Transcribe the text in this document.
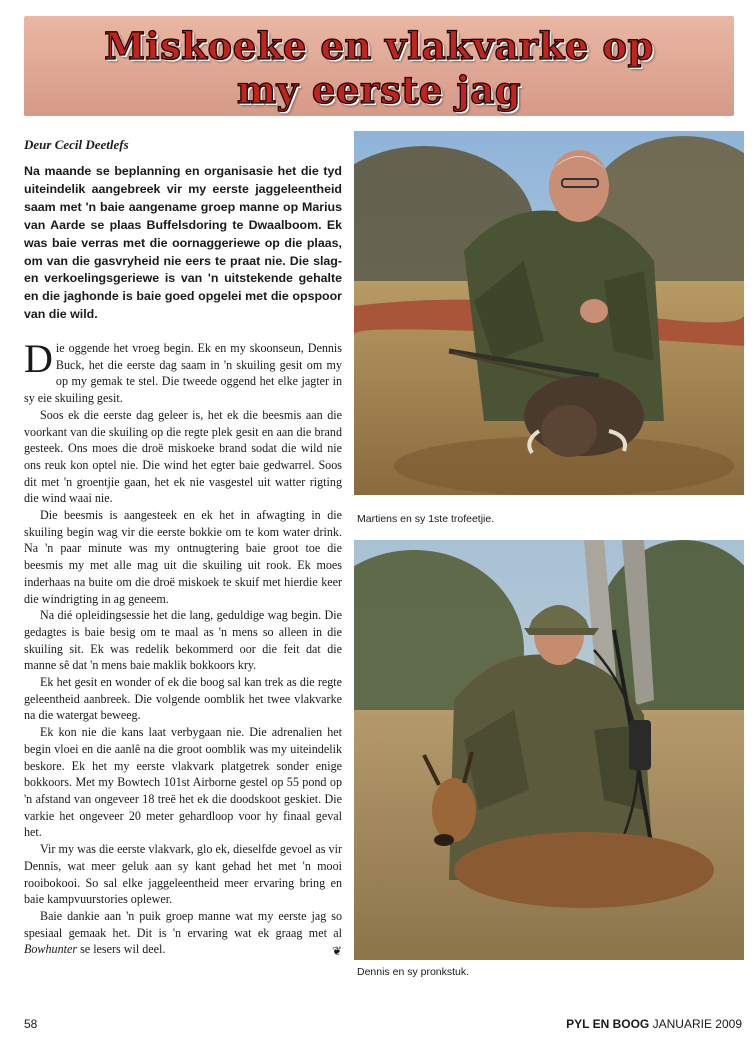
Miskoeke en vlakvarke op
my eerste jag
Deur Cecil Deetlefs
Na maande se beplanning en organisasie het die tyd uiteindelik aangebreek vir my eerste jaggeleentheid saam met 'n baie aangename groep manne op Marius van Aarde se plaas Buffelsdoring te Dwaalboom. Ek was baie verras met die oornaggeriewe op die plaas, om van die gasvryheid nie eers te praat nie. Die slag- en verkoelingsgeriewe is van 'n uitstekende gehalte en die jaghonde is baie goed opgelei met die opspoor van die wild.

Die oggende het vroeg begin. Ek en my skoonseun, Dennis Buck, het die eerste dag saam in 'n skuiling gesit om my op my gemak te stel. Die tweede oggend het elke jagter in sy eie skuiling gesit.

Soos ek die eerste dag geleer is, het ek die beesmis aan die voorkant van die skuiling op die regte plek gesit en aan die brand gesteek. Ons moes die droë miskoeke brand sodat die wild nie ons reuk kon optel nie. Die wind het egter baie gedwarrel. Soos dit met 'n groentjie gaan, het ek nie vasgestel uit watter rigting die wind waai nie.

Die beesmis is aangesteek en ek het in afwagting in die skuiling begin wag vir die eerste bokkie om te kom water drink. Na 'n paar minute was my ontnugtering baie groot toe die beesmis my met alle mag uit die skuiling uit rook. Ek moes inderhaas na buite om die droë miskoek te skuif met hierdie keer die windrigting in ag geneem.

Na dié opleidingsessie het die lang, geduldige wag begin. Die gedagtes is baie besig om te maal as 'n mens so alleen in die skuiling sit. Ek was redelik bekommerd oor die feit dat die manne sê dat 'n mens baie maklik bokkoors kry.

Ek het gesit en wonder of ek die boog sal kan trek as die regte geleentheid aanbreek. Die volgende oomblik het twee vlakvarke na die watergat beweeg.

Ek kon nie die kans laat verbygaan nie. Die adrenalien het begin vloei en die aanlê na die groot oomblik was my uiteindelik beskore. Ek het my eerste vlakvark platgetrek sonder enige bokkoors. Met my Bowtech 101st Airborne gestel op 55 pond op 'n afstand van ongeveer 18 treë het ek die doodskoot geskiet. Die varkie het ongeveer 20 meter gehardloop voor hy finaal geval het.

Vir my was die eerste vlakvark, glo ek, dieselfde gevoel as vir Dennis, wat meer geluk aan sy kant gehad het met 'n mooi rooibokooi. So sal elke jaggeleentheid meer ervaring bring en baie kampvuurstories oplewer.

Baie dankie aan 'n puik groep manne wat my eerste jag so spesiaal gemaak het. Dit is 'n ervaring wat ek graag met al Bowhunter se lesers wil deel.	❦

Martiens en sy 1ste trofeetjie.
Dennis en sy pronkstuk.
58	PYL EN BOOG JANUARIE 2009
